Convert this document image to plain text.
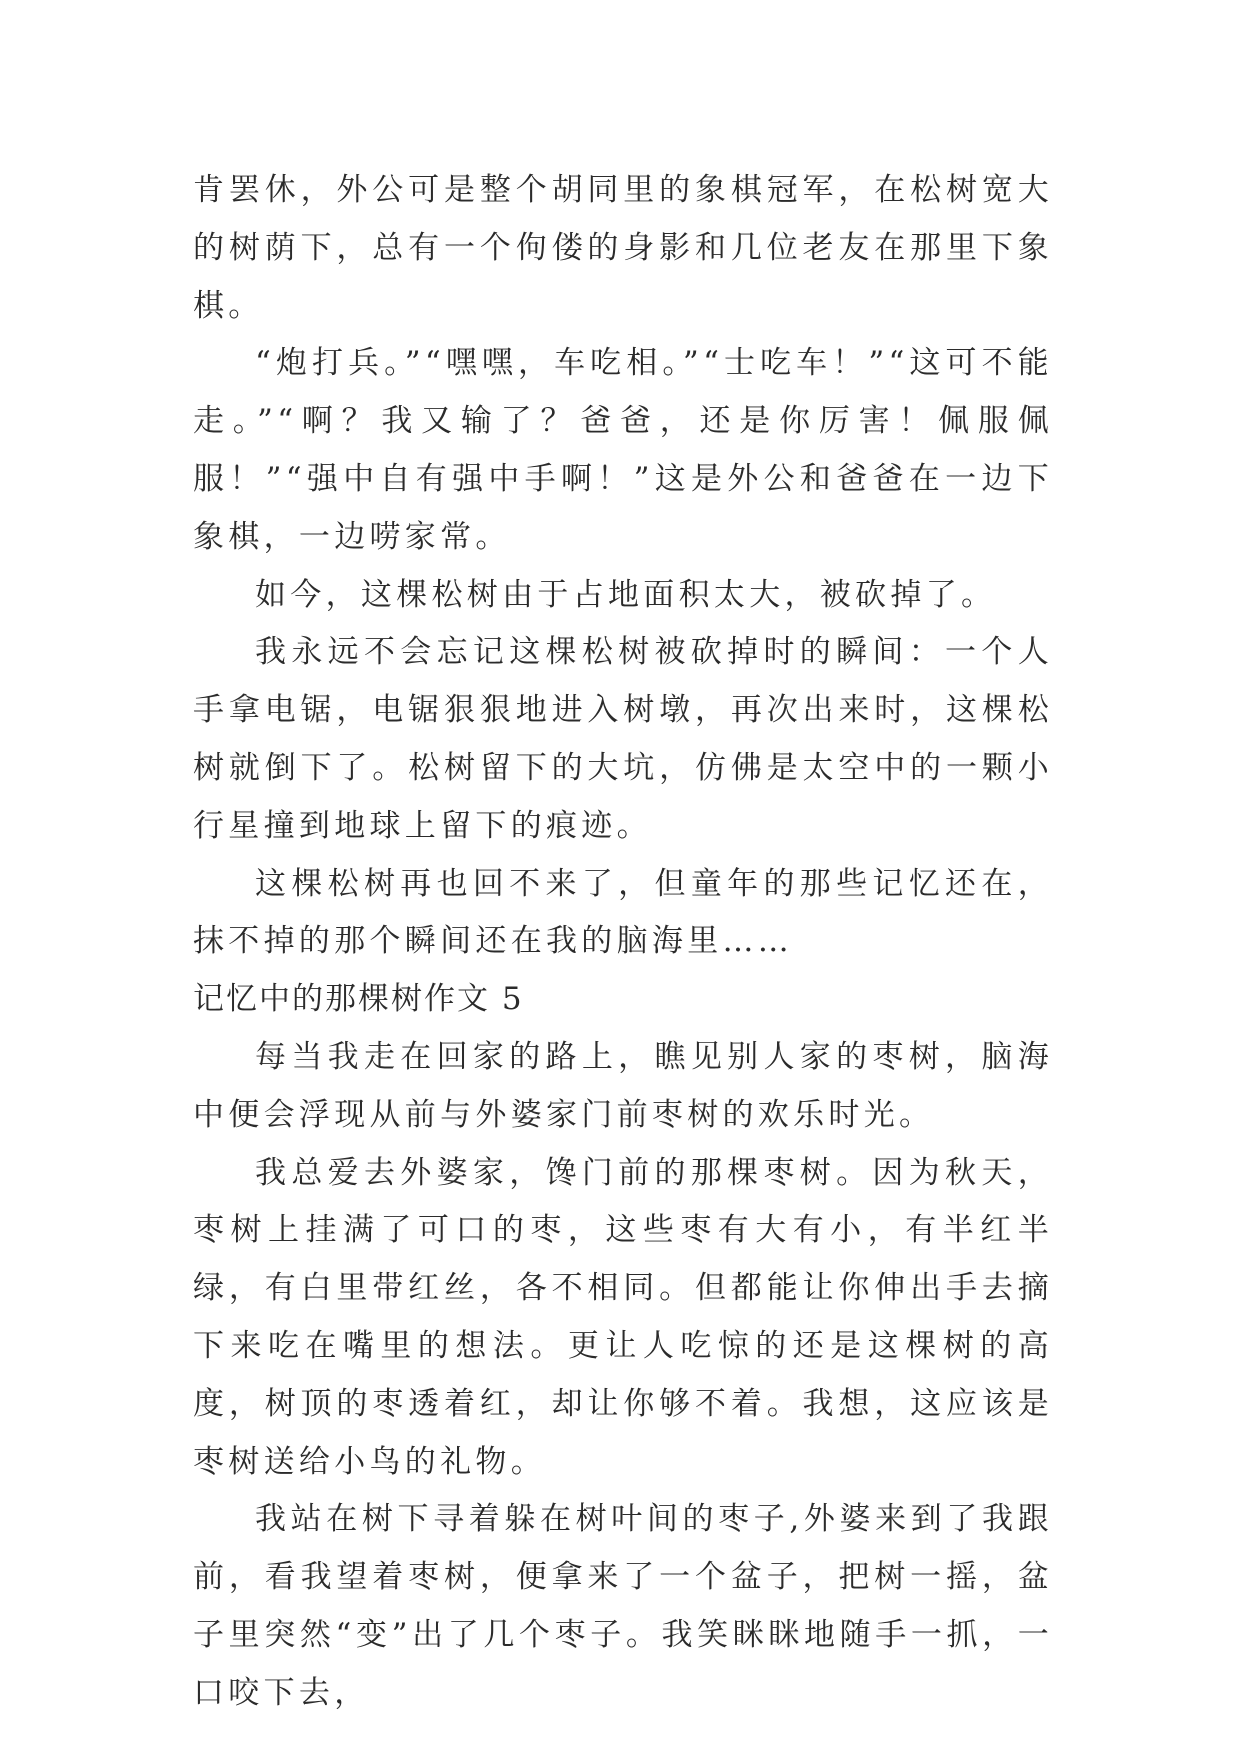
肯罢休，外公可是整个胡同里的象棋冠军，在松树宽大的树荫下，总有一个佝偻的身影和几位老友在那里下象棋。

“炮打兵。”“嘿嘿，车吃相。”“士吃车！”“这可不能走。”“啊？我又输了？爸爸，还是你厉害！佩服佩服！”“强中自有强中手啊！”这是外公和爸爸在一边下象棋，一边唠家常。

如今，这棵松树由于占地面积太大，被砍掉了。

我永远不会忘记这棵松树被砍掉时的瞬间：一个人手拿电锯，电锯狠狠地进入树墩，再次出来时，这棵松树就倒下了。松树留下的大坑，仿佛是太空中的一颗小行星撞到地球上留下的痕迹。

这棵松树再也回不来了，但童年的那些记忆还在，抹不掉的那个瞬间还在我的脑海里……

记忆中的那棵树作文 5

每当我走在回家的路上，瞧见别人家的枣树，脑海中便会浮现从前与外婆家门前枣树的欢乐时光。

我总爱去外婆家，馋门前的那棵枣树。因为秋天，枣树上挂满了可口的枣，这些枣有大有小，有半红半绿，有白里带红丝，各不相同。但都能让你伸出手去摘下来吃在嘴里的想法。更让人吃惊的还是这棵树的高度，树顶的枣透着红，却让你够不着。我想，这应该是枣树送给小鸟的礼物。

我站在树下寻着躲在树叶间的枣子,外婆来到了我跟前，看我望着枣树，便拿来了一个盆子，把树一摇，盆子里突然“变”出了几个枣子。我笑眯眯地随手一抓，一口咬下去，
